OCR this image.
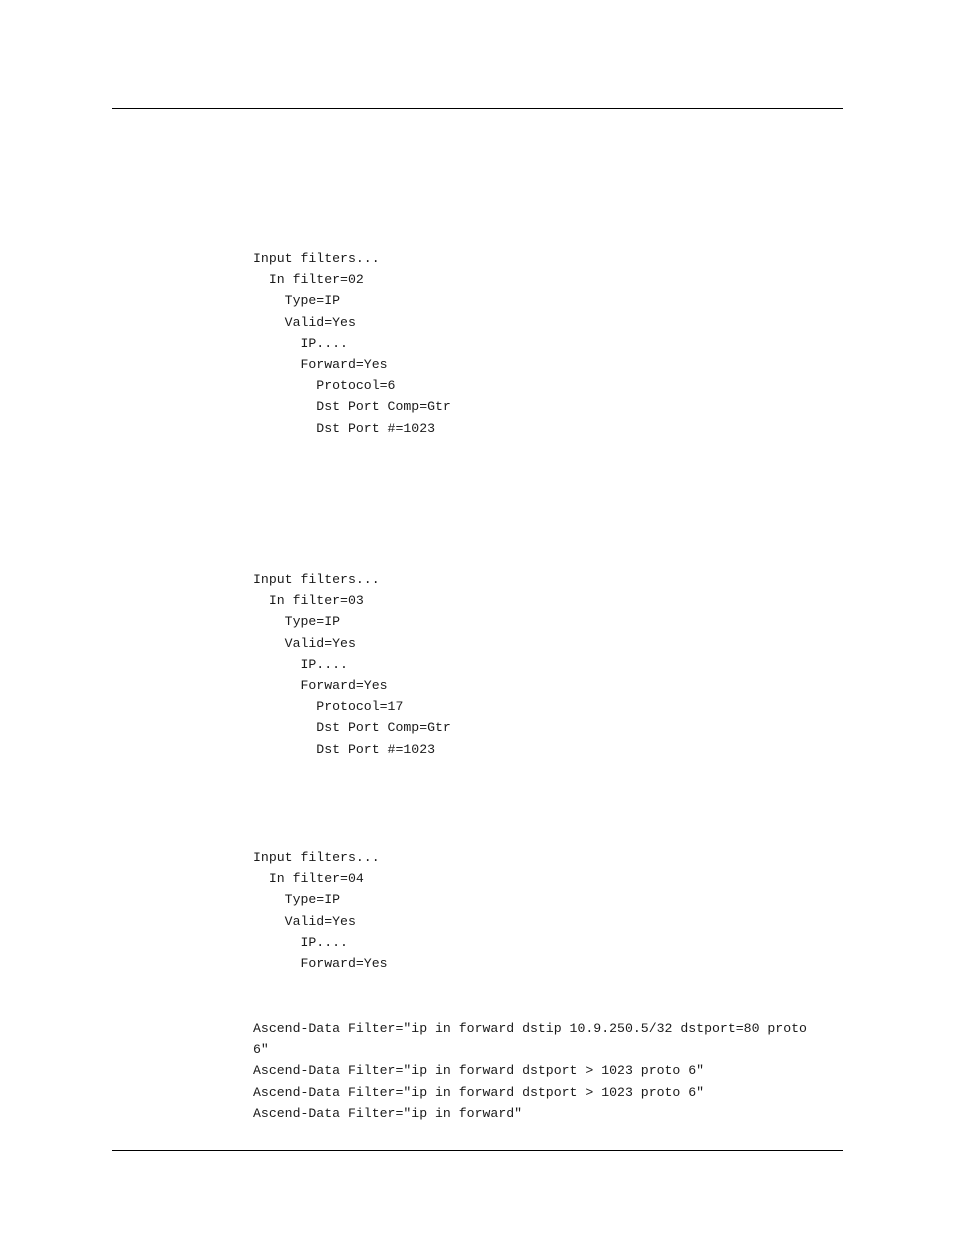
Input filters...
In filter=02
Type=IP
Valid=Yes
IP....
Forward=Yes
Protocol=6
Dst Port Comp=Gtr
Dst Port #=1023
Input filters...
In filter=03
Type=IP
Valid=Yes
IP....
Forward=Yes
Protocol=17
Dst Port Comp=Gtr
Dst Port #=1023
Input filters...
In filter=04
Type=IP
Valid=Yes
IP....
Forward=Yes
Ascend-Data Filter="ip in forward dstip 10.9.250.5/32 dstport=80 proto
6"
Ascend-Data Filter="ip in forward dstport > 1023 proto 6"
Ascend-Data Filter="ip in forward dstport > 1023 proto 6"
Ascend-Data Filter="ip in forward"
